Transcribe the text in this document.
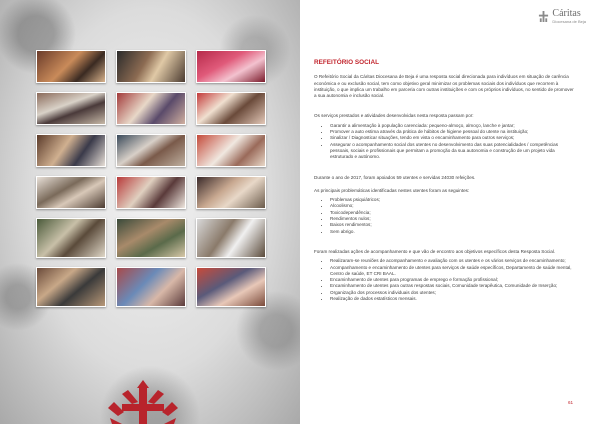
Cáritas
Diocesana de Beja
REFEITÓRIO SOCIAL

O Refeitório Social da Cáritas Diocesana de Beja é uma resposta social direcionada para indivíduos em situação de carência económica e ou exclusão social, tem como objetivo geral minimizar os problemas sociais dos indivíduos que recorrem à instituição, o que implica um trabalho em parceria com outras instituições e com os próprios indivíduos, no sentido de promover a sua autonomia e inclusão social.

Os serviços prestados e atividades desenvolvidas nesta resposta passam por:

• Garantir a alimentação à população carenciada: pequeno-almoço, almoço, lanche e jantar;
• Promover a auto estima através da prática de hábitos de higiene pessoal do utente na instituição;
• Sinalizar / Diagnosticar situações, tendo em vista o encaminhamento para outros serviços;
• Assegurar o acompanhamento social dos utentes no desenvolvimento das suas potencialidades / competências pessoais, sociais e profissionais que permitam a promoção da sua autonomia e construção de um projeto vida estruturado e autónomo.

Durante o ano de 2017, foram apoiados 59 utentes e servidas 24030 refeições.

As principais problemáticas identificadas nestes utentes foram as seguintes:

• Problemas psiquiátricos;
• Alcoolismo;
• Toxicodependência;
• Rendimentos nulos;
• Baixos rendimentos;
• Sem abrigo.

Foram realizadas ações de acompanhamento e que vão de encontro aos objetivos específicos desta Resposta Social.

• Realizaram-se reuniões de acompanhamento e avaliação com os utentes e os vários serviços de encaminhamento;
• Acompanhamento e encaminhamento de utentes para serviços de saúde específicos, Departamento de saúde mental, Centro de saúde, ET CRI BAAL.
• Encaminhamento de utentes para programas de emprego e formação profissional;
• Encaminhamento de utentes para outras respostas sociais, Comunidade terapêutica, Comunidade de Inserção;
• Organização dos processos individuais dos utentes;
• Realização de dados estatísticos mensais.
61
